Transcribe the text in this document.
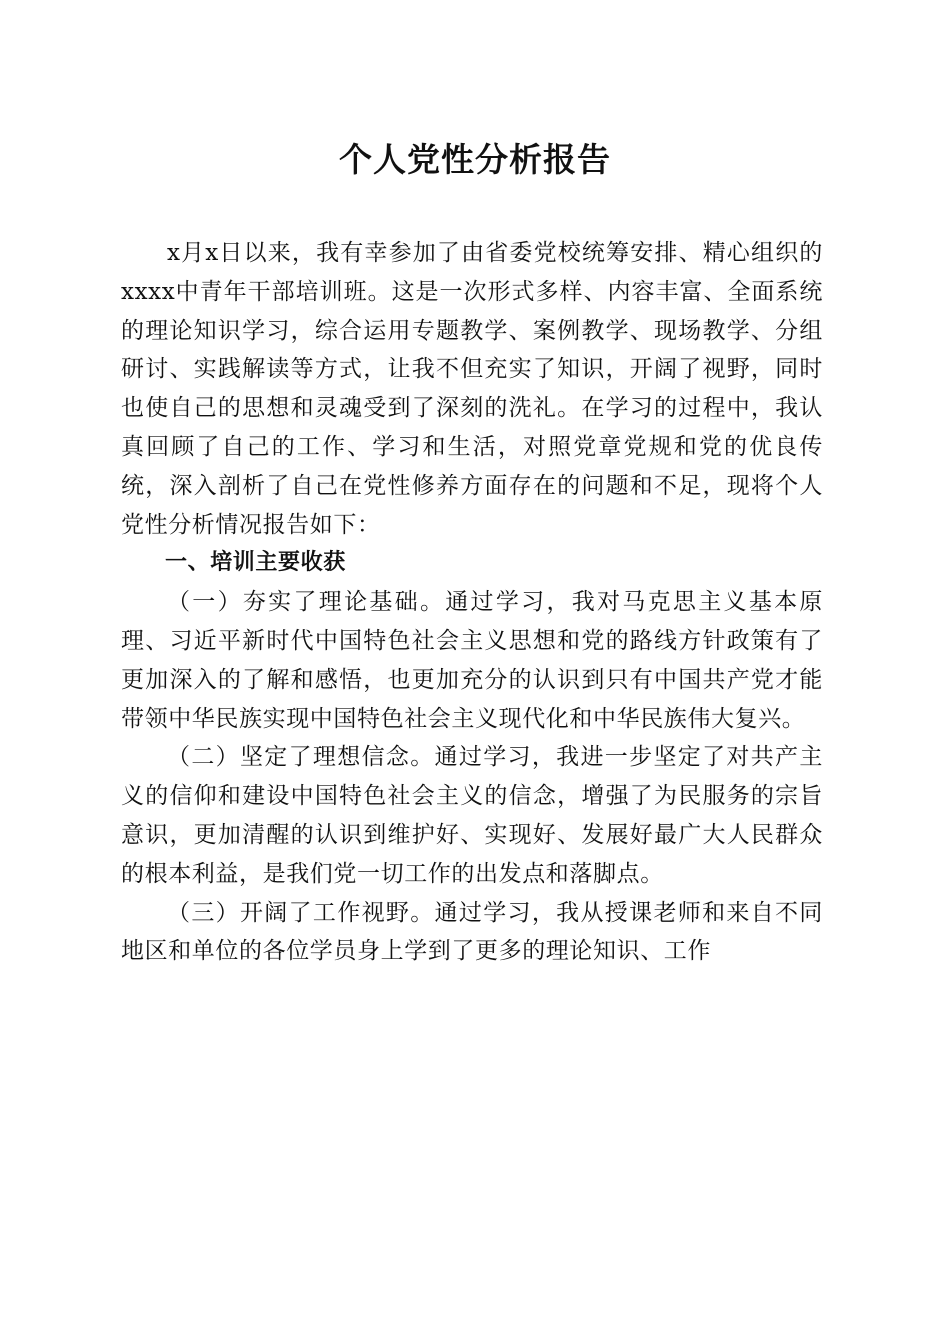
个人党性分析报告

x月x日以来，我有幸参加了由省委党校统筹安排、精心组织的xxxx中青年干部培训班。这是一次形式多样、内容丰富、全面系统的理论知识学习，综合运用专题教学、案例教学、现场教学、分组研讨、实践解读等方式，让我不但充实了知识，开阔了视野，同时也使自己的思想和灵魂受到了深刻的洗礼。在学习的过程中，我认真回顾了自己的工作、学习和生活，对照党章党规和党的优良传统，深入剖析了自己在党性修养方面存在的问题和不足，现将个人党性分析情况报告如下：

一、培训主要收获

（一）夯实了理论基础。通过学习，我对马克思主义基本原理、习近平新时代中国特色社会主义思想和党的路线方针政策有了更加深入的了解和感悟，也更加充分的认识到只有中国共产党才能带领中华民族实现中国特色社会主义现代化和中华民族伟大复兴。

（二）坚定了理想信念。通过学习，我进一步坚定了对共产主义的信仰和建设中国特色社会主义的信念，增强了为民服务的宗旨意识，更加清醒的认识到维护好、实现好、发展好最广大人民群众的根本利益，是我们党一切工作的出发点和落脚点。

（三）开阔了工作视野。通过学习，我从授课老师和来自不同地区和单位的各位学员身上学到了更多的理论知识、工作
